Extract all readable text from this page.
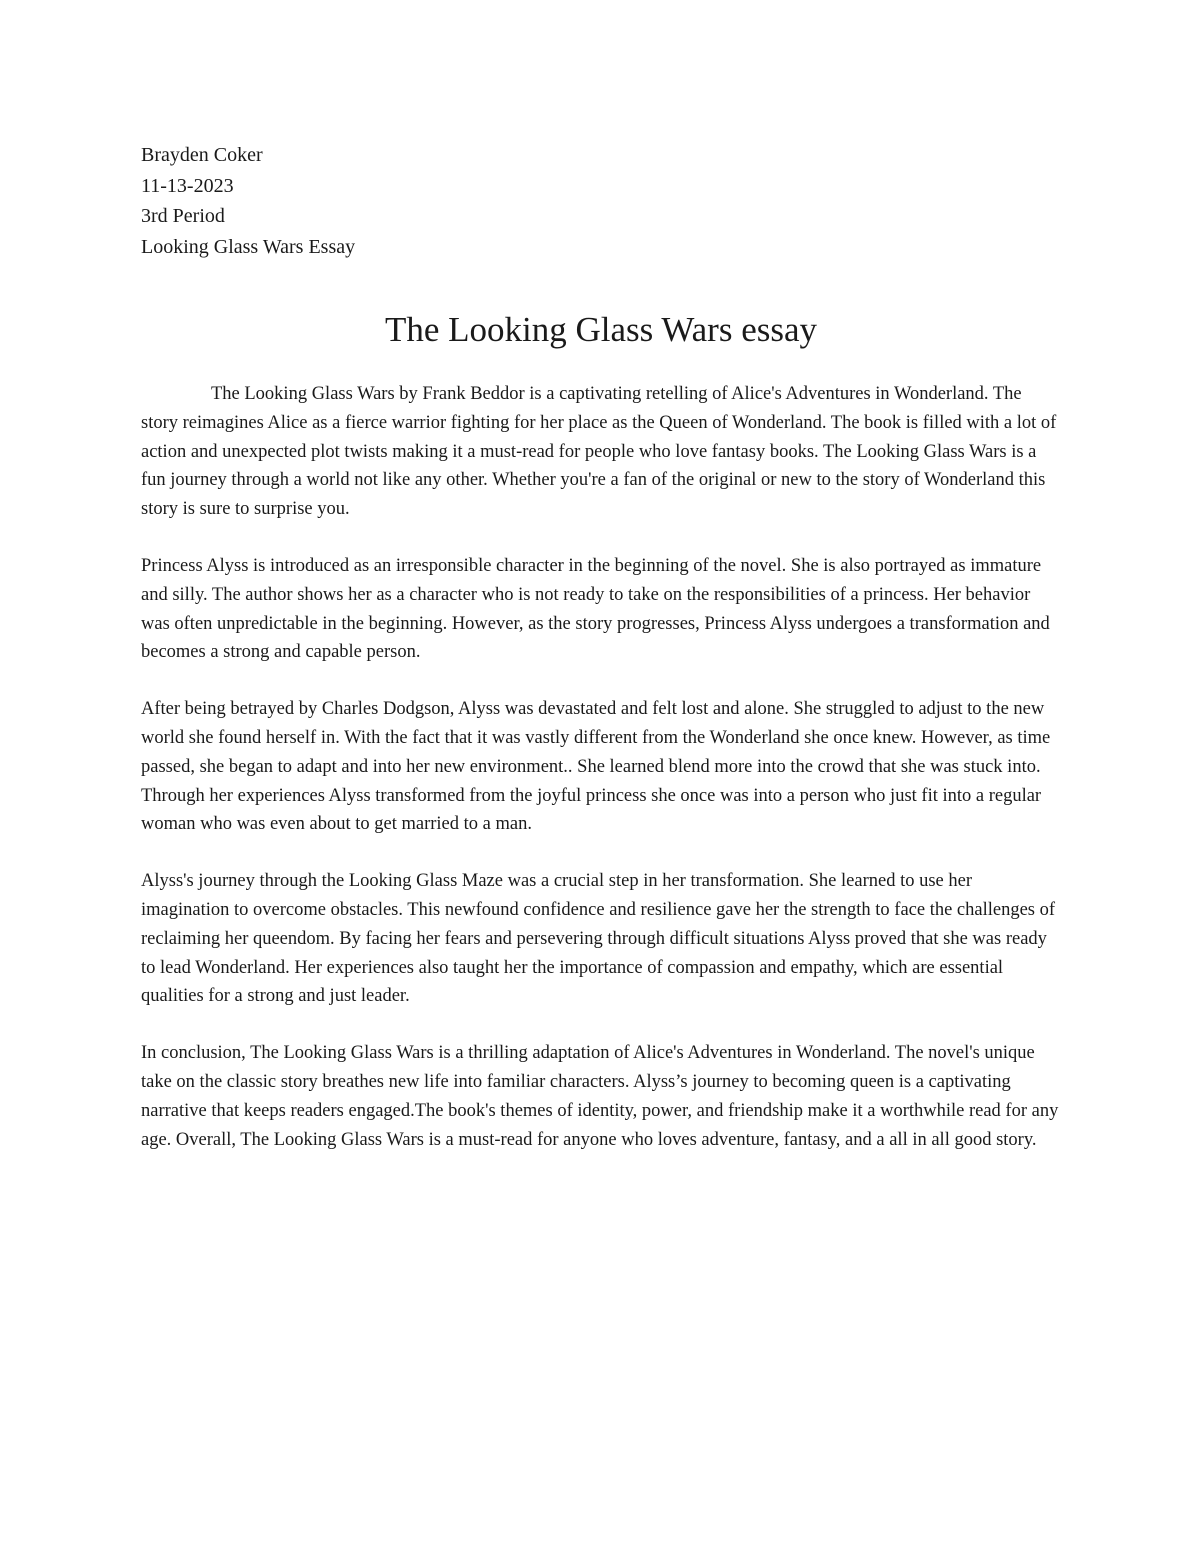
Brayden Coker

11-13-2023

3rd Period

Looking Glass Wars Essay

The Looking Glass Wars essay

The Looking Glass Wars by Frank Beddor is a captivating retelling of Alice's Adventures in Wonderland. The story reimagines Alice as a fierce warrior fighting for her place as the Queen of Wonderland. The book is filled with a lot of action and unexpected plot twists making it a must-read for people who love fantasy books. The Looking Glass Wars is a fun journey through a world not like any other. Whether you're a fan of the original or new to the story of Wonderland this story is sure to surprise you.

Princess Alyss is introduced as an irresponsible character in the beginning of the novel. She is also portrayed as immature and silly. The author shows her as a character who is not ready to take on the responsibilities of a princess. Her behavior was often unpredictable in the beginning. However, as the story progresses, Princess Alyss undergoes a transformation and becomes a strong and capable person.

After being betrayed by Charles Dodgson, Alyss was devastated and felt lost and alone. She struggled to adjust to the new world she found herself in. With the fact that it was vastly different from the Wonderland she once knew. However, as time passed, she began to adapt and into her new environment.. She learned blend more into the crowd that she was stuck into. Through her experiences Alyss transformed from the joyful princess she once was into a person who just fit into a regular woman who was even about to get married to a man.

Alyss's journey through the Looking Glass Maze was a crucial step in her transformation. She learned to use her imagination to overcome obstacles. This newfound confidence and resilience gave her the strength to face the challenges of reclaiming her queendom. By facing her fears and persevering through difficult situations Alyss proved that she was ready to lead Wonderland. Her experiences also taught her the importance of compassion and empathy, which are essential qualities for a strong and just leader.

In conclusion, The Looking Glass Wars is a thrilling adaptation of Alice's Adventures in Wonderland. The novel's unique take on the classic story breathes new life into familiar characters. Alyss’s journey to becoming queen is a captivating narrative that keeps readers engaged.The book's themes of identity, power, and friendship make it a worthwhile read for any age. Overall, The Looking Glass Wars is a must-read for anyone who loves adventure, fantasy, and a all in all good story.
